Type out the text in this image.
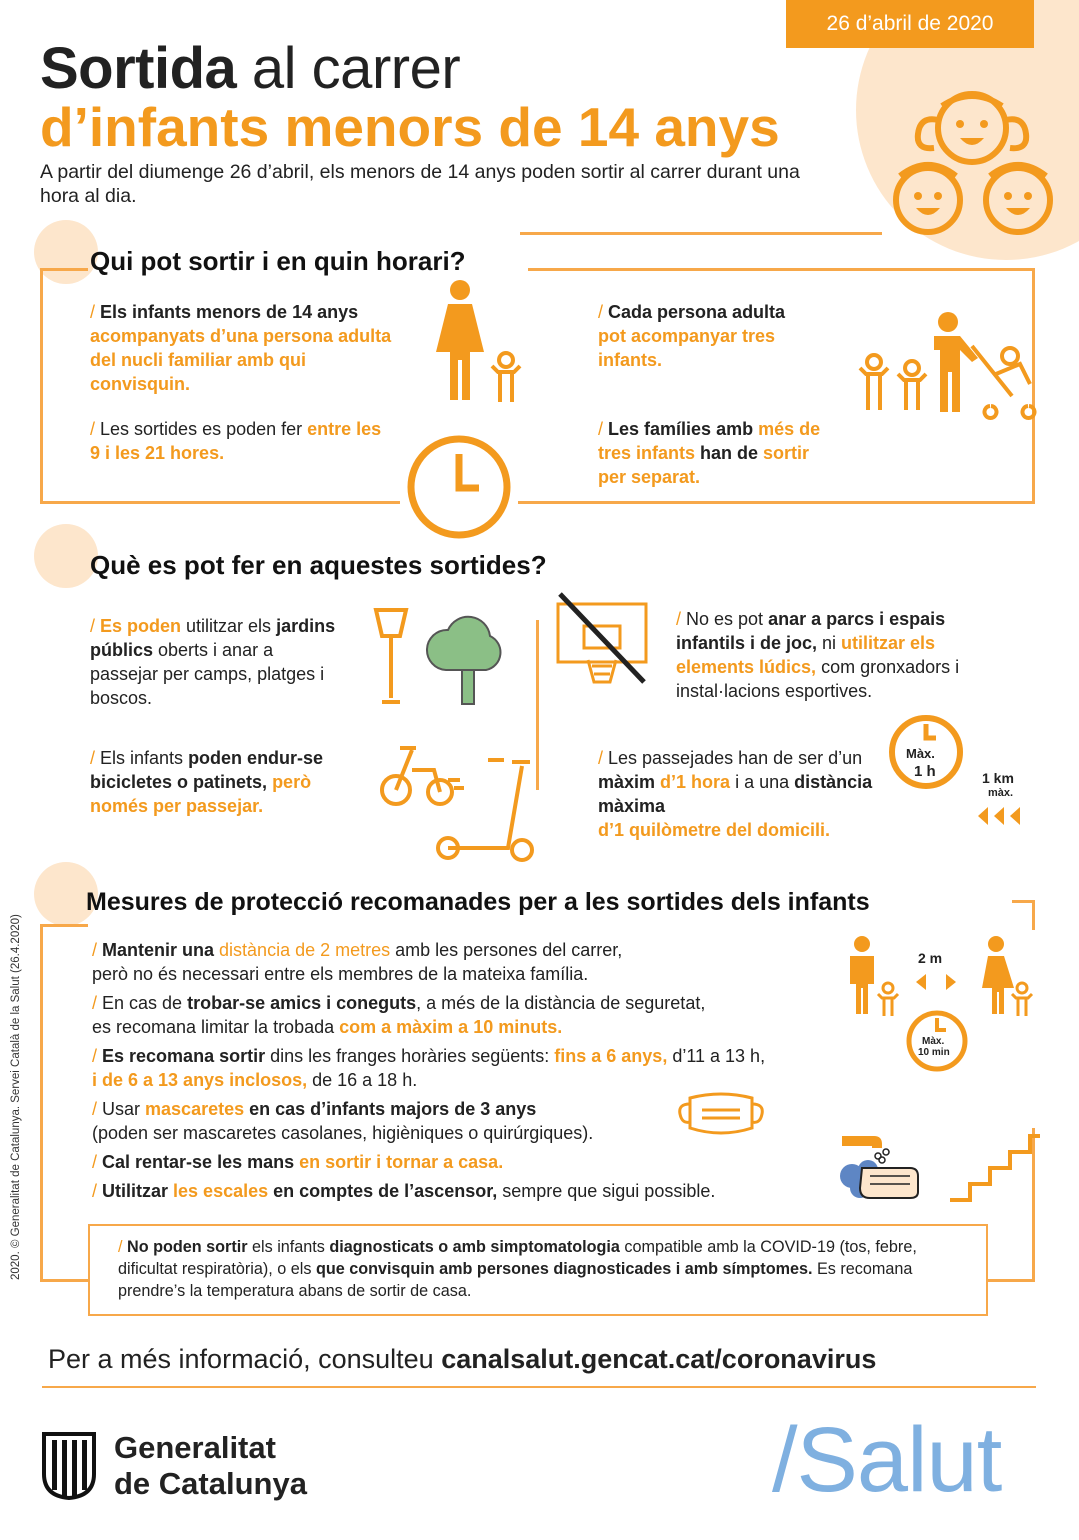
26 d’abril de 2020
Sortida al carrer
d’infants menors de 14 anys
A partir del diumenge 26 d’abril, els menors de 14 anys poden sortir al carrer durant una hora al dia.
Qui pot sortir i en quin horari?
/ Els infants menors de 14 anys
acompanyats d’una persona adulta del nucli familiar amb qui convisquin.
/ Les sortides es poden fer entre les 9 i les 21 hores.
/ Cada persona adulta
pot acompanyar tres infants.
/ Les famílies amb més de tres infants han de sortir per separat.
Què es pot fer en aquestes sortides?
/ Es poden utilitzar els jardins públics oberts i anar a passejar per camps, platges i boscos.
/ Els infants poden endur-se bicicletes o patinets, però només per passejar.
/ No es pot anar a parcs i espais infantils i de joc, ni utilitzar els elements lúdics, com gronxadors i instal·lacions esportives.
/ Les passejades han de ser d’un màxim d’1 hora i a una distància màxima
d’1 quilòmetre del domicili.
Màx.
1 h	1 km
màx.
Mesures de protecció recomanades per a les sortides dels infants
/ Mantenir una distància de 2 metres amb les persones del carrer,
però no és necessari entre els membres de la mateixa família.
/ En cas de trobar-se amics i coneguts, a més de la distància de seguretat,
es recomana limitar la trobada com a màxim a 10 minuts.
/ Es recomana sortir dins les franges horàries següents: fins a 6 anys, d’11 a 13 h,
i de 6 a 13 anys inclosos, de 16 a 18 h.
/ Usar mascaretes en cas d’infants majors de 3 anys
(poden ser mascaretes casolanes, higièniques o quirúrgiques).
/ Cal rentar-se les mans en sortir i tornar a casa.
/ Utilitzar les escales en comptes de l’ascensor, sempre que sigui possible.
2 m
Màx.
10 min
/ No poden sortir els infants diagnosticats o amb simptomatologia compatible amb la COVID-19 (tos, febre, dificultat respiratòria), o els que convisquin amb persones diagnosticades i amb símptomes. Es recomana prendre’s la temperatura abans de sortir de casa.
Per a més informació, consulteu canalsalut.gencat.cat/coronavirus
2020. © Generalitat de Catalunya. Servei Català de la Salut (26.4.2020)
Generalitat
de Catalunya	/Salut
